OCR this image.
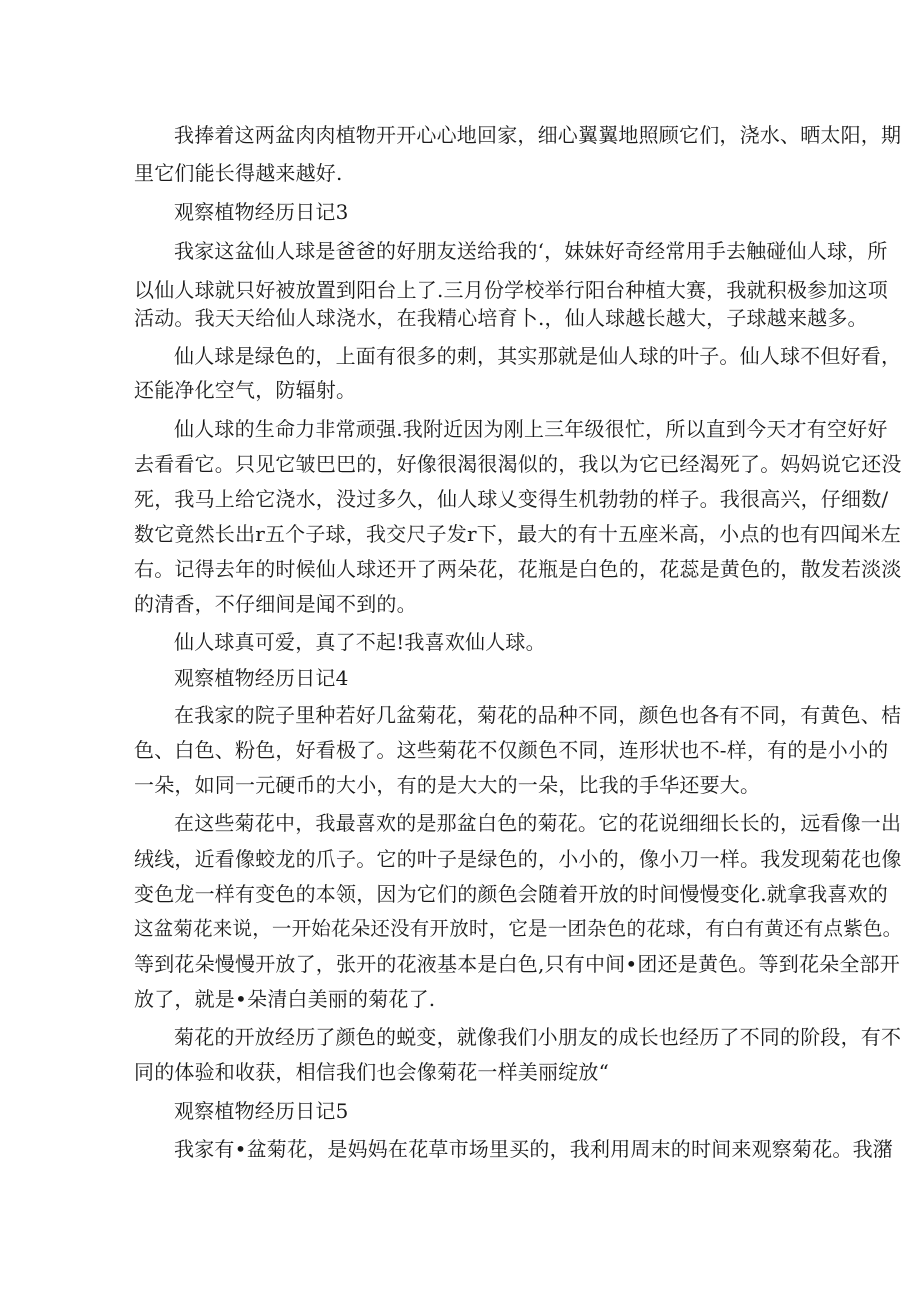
我捧着这两盆肉肉植物开开心心地回家，细心翼翼地照顾它们，浇水、晒太阳，期

里它们能长得越来越好.

观察植物经历日记3

我家这盆仙人球是爸爸的好朋友送给我的‘，妹妹好奇经常用手去触碰仙人球，所

以仙人球就只好被放置到阳台上了.三月份学校举行阳台种植大赛，我就积极参加这项

活动。我天天给仙人球浇水，在我精心培育卜.，仙人球越长越大，子球越来越多。

仙人球是绿色的，上面有很多的刺，其实那就是仙人球的叶子。仙人球不但好看，

还能净化空气，防辐射。

仙人球的生命力非常顽强.我附近因为刚上三年级很忙，所以直到今天才有空好好

去看看它。只见它皱巴巴的，好像很渴很渴似的，我以为它已经渴死了。妈妈说它还没

死，我马上给它浇水，没过多久，仙人球乂变得生机勃勃的样子。我很高兴，仔细数/

数它竟然长出r五个子球，我交尺子发r下，最大的有十五座米高，小点的也有四闻米左

右。记得去年的时候仙人球还开了两朵花，花瓶是白色的，花蕊是黄色的，散发若淡淡

的清香，不仔细间是闻不到的。

仙人球真可爱，真了不起!我喜欢仙人球。

观察植物经历日记4

在我家的院子里种若好几盆菊花，菊花的品种不同，颜色也各有不同，有黄色、桔

色、白色、粉色，好看极了。这些菊花不仅颜色不同，连形状也不-样，有的是小小的

一朵，如同一元硬币的大小，有的是大大的一朵，比我的手华还要大。

在这些菊花中，我最喜欢的是那盆白色的菊花。它的花说细细长长的，远看像一出

绒线，近看像蛟龙的爪子。它的叶子是绿色的，小小的，像小刀一样。我发现菊花也像

变色龙一样有变色的本领，因为它们的颜色会随着开放的时间慢慢变化.就拿我喜欢的

这盆菊花来说，一开始花朵还没有开放时，它是一团杂色的花球，有白有黄还有点紫色。

等到花朵慢慢开放了，张开的花液基本是白色,只有中间•团还是黄色。等到花朵全部开

放了，就是•朵清白美丽的菊花了.

菊花的开放经历了颜色的蜕变，就像我们小朋友的成长也经历了不同的阶段，有不

同的体验和收获，相信我们也会像菊花一样美丽绽放“

观察植物经历日记5

我家有•盆菊花，是妈妈在花草市场里买的，我利用周末的时间来观察菊花。我潴
